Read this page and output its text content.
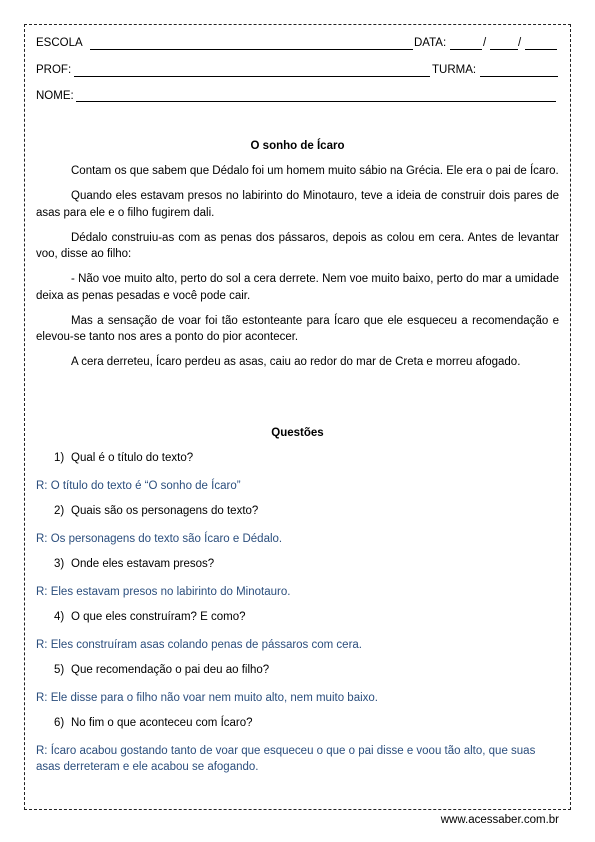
ESCOLA	DATA:	/	/
PROF:	TURMA:
NOME:
O sonho de Ícaro

Contam os que sabem que Dédalo foi um homem muito sábio na Grécia. Ele era o pai de Ícaro.

Quando eles estavam presos no labirinto do Minotauro, teve a ideia de construir dois pares de asas para ele e o filho fugirem dali.

Dédalo construiu-as com as penas dos pássaros, depois as colou em cera. Antes de levantar voo, disse ao filho:

- Não voe muito alto, perto do sol a cera derrete. Nem voe muito baixo, perto do mar a umidade deixa as penas pesadas e você pode cair.

Mas a sensação de voar foi tão estonteante para Ícaro que ele esqueceu a recomendação e elevou-se tanto nos ares a ponto do pior acontecer.

A cera derreteu, Ícaro perdeu as asas, caiu ao redor do mar de Creta e morreu afogado.

Questões
1) Qual é o título do texto?
R: O título do texto é “O sonho de Ícaro”
2) Quais são os personagens do texto?
R: Os personagens do texto são Ícaro e Dédalo.
3) Onde eles estavam presos?
R: Eles estavam presos no labirinto do Minotauro.
4) O que eles construíram? E como?
R: Eles construíram asas colando penas de pássaros com cera.
5) Que recomendação o pai deu ao filho?
R: Ele disse para o filho não voar nem muito alto, nem muito baixo.
6) No fim o que aconteceu com Ícaro?
R: Ícaro acabou gostando tanto de voar que esqueceu o que o pai disse e voou tão alto, que suas asas derreteram e ele acabou se afogando.
www.acessaber.com.br
